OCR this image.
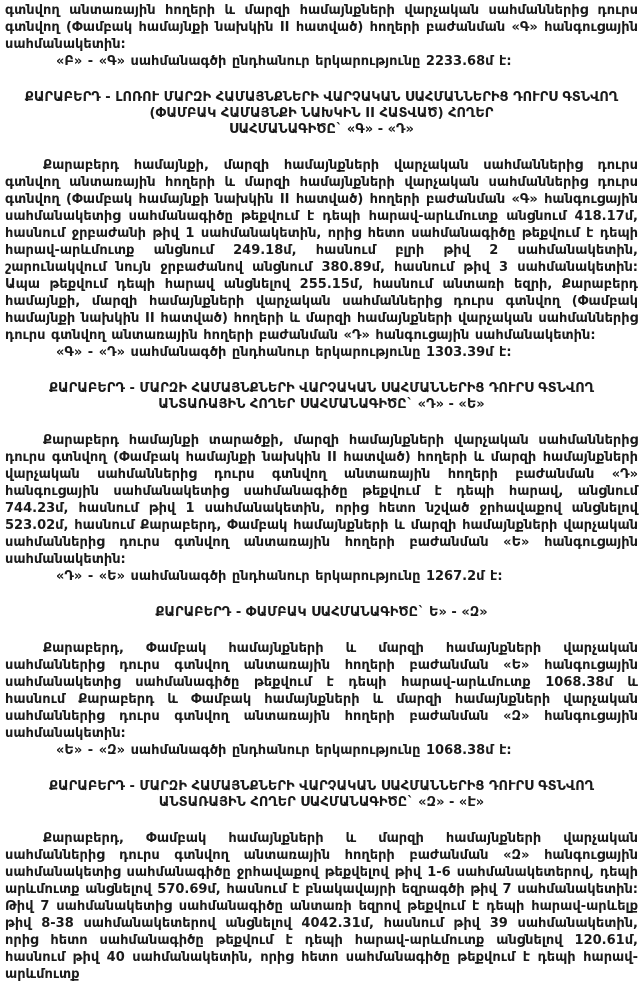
գտնվող անտառային հողերի և մարզի համայնքների վարչական սահմաններից դուրս գտնվող (Փամբակ համայնքի նախկին II հատված) հողերի բաժանման «Գ» հանգուցային սահմանակետին:

«Բ» - «Գ» սահմանագծի ընդհանուր երկարությունը 2233.68մ է:

ՔԱՐԱԲԵՐԴ - ԼՈՌՈՒ ՄԱՐԶԻ ՀԱՄԱՅՆՔՆԵՐԻ ՎԱՐՉԱԿԱՆ ՍԱՀՄԱՆՆԵՐԻՑ ԴՈՒՐՍ ԳՏՆՎՈՂ
(ՓԱՄԲԱԿ ՀԱՄԱՅՆՔԻ ՆԱԽԿԻՆ II ՀԱՏՎԱԾ) ՀՈՂԵՐ
ՍԱՀՄԱՆԱԳԻԾԸ` «Գ» - «Դ»

Քարաբերդ համայնքի, մարզի համայնքների վարչական սահմաններից դուրս գտնվող անտառային հողերի և մարզի համայնքների վարչական սահմաններից դուրս գտնվող (Փամբակ համայնքի նախկին II հատված) հողերի բաժանման «Գ» հանգուցային սահմանակետից սահմանագիծը թեքվում է դեպի հարավ-արևմուտք անցնում 418.17մ, հասնում ջրբաժանի թիվ 1 սահմանակետին, որից հետո սահմանագիծը թեքվում է դեպի հարավ-արևմուտք անցնում 249.18մ, հասնում բլրի թիվ 2 սահմանակետին, շարունակվում նույն ջրբաժանով անցնում 380.89մ, հասնում թիվ 3 սահմանակետին: Ապա թեքվում դեպի հարավ անցնելով 255.15մ, հասնում անտառի եզրի, Քարաբերդ համայնքի, մարզի համայնքների վարչական սահմաններից դուրս գտնվող (Փամբակ համայնքի նախկին II հատված) հողերի և մարզի համայնքների վարչական սահմաններից դուրս գտնվող անտառային հողերի բաժանման «Դ» հանգուցային սահմանակետին:

«Գ» - «Դ» սահմանագծի ընդհանուր երկարությունը 1303.39մ է:

ՔԱՐԱԲԵՐԴ - ՄԱՐԶԻ ՀԱՄԱՅՆՔՆԵՐԻ ՎԱՐՉԱԿԱՆ ՍԱՀՄԱՆՆԵՐԻՑ ԴՈՒՐՍ ԳՏՆՎՈՂ
ԱՆՏԱՌԱՅԻՆ ՀՈՂԵՐ ՍԱՀՄԱՆԱԳԻԾԸ` «Դ» - «Ե»

Քարաբերդ համայնքի տարածքի, մարզի համայնքների վարչական սահմաններից դուրս գտնվող (Փամբակ համայնքի նախկին II հատված) հողերի և մարզի համայնքների վարչական սահմաններից դուրս գտնվող անտառային հողերի բաժանման «Դ» հանգուցային սահմանակետից սահմանագիծը թեքվում է դեպի հարավ, անցնում 744.23մ, հասնում թիվ 1 սահմանակետին, որից հետո նշված ջրհավաքով անցնելով 523.02մ, հասնում Քարաբերդ, Փամբակ համայնքների և մարզի համայնքների վարչական սահմաններից դուրս գտնվող անտառային հողերի բաժանման «Ե» հանգուցային սահմանակետին:

«Դ» - «Ե» սահմանագծի ընդհանուր երկարությունը 1267.2մ է:

ՔԱՐԱԲԵՐԴ - ՓԱՄԲԱԿ ՍԱՀՄԱՆԱԳԻԾԸ` Ե» - «Զ»

Քարաբերդ, Փամբակ համայնքների և մարզի համայնքների վարչական սահմաններից դուրս գտնվող անտառային հողերի բաժանման «Ե» հանգուցային սահմանակետից սահմանագիծը թեքվում է դեպի հարավ-արևմուտք 1068.38մ և հասնում Քարաբերդ և Փամբակ համայնքների և մարզի համայնքների վարչական սահմաններից դուրս գտնվող անտառային հողերի բաժանման «Զ» հանգուցային սահմանակետին:

«Ե» - «Զ» սահմանագծի ընդհանուր երկարությունը 1068.38մ է:

ՔԱՐԱԲԵՐԴ - ՄԱՐԶԻ ՀԱՄԱՅՆՔՆԵՐԻ ՎԱՐՉԱԿԱՆ ՍԱՀՄԱՆՆԵՐԻՑ ԴՈՒՐՍ ԳՏՆՎՈՂ
ԱՆՏԱՌԱՅԻՆ ՀՈՂԵՐ ՍԱՀՄԱՆԱԳԻԾԸ` «Զ» - «Է»

Քարաբերդ, Փամբակ համայնքների և մարզի համայնքների վարչական սահմաններից դուրս գտնվող անտառային հողերի բաժանման «Զ» հանգուցային սահմանակետից սահմանագիծը ջրհավաքով թեքվելով թիվ 1-6 սահմանակետերով, դեպի արևմուտք անցնելով 570.69մ, հասնում է բնակավայրի եզրագծի թիվ 7 սահմանակետին: Թիվ 7 սահմանակետից սահմանագիծը անտառի եզրով թեքվում է դեպի հարավ-արևելք թիվ 8-38 սահմանակետերով անցնելով 4042.31մ, հասնում թիվ 39 սահմանակետին, որից հետո սահմանագիծը թեքվում է դեպի հարավ-արևմուտք անցնելով 120.61մ, հասնում թիվ 40 սահմանակետին, որից հետո սահմանագիծը թեքվում է դեպի հարավ-արևմուտք
